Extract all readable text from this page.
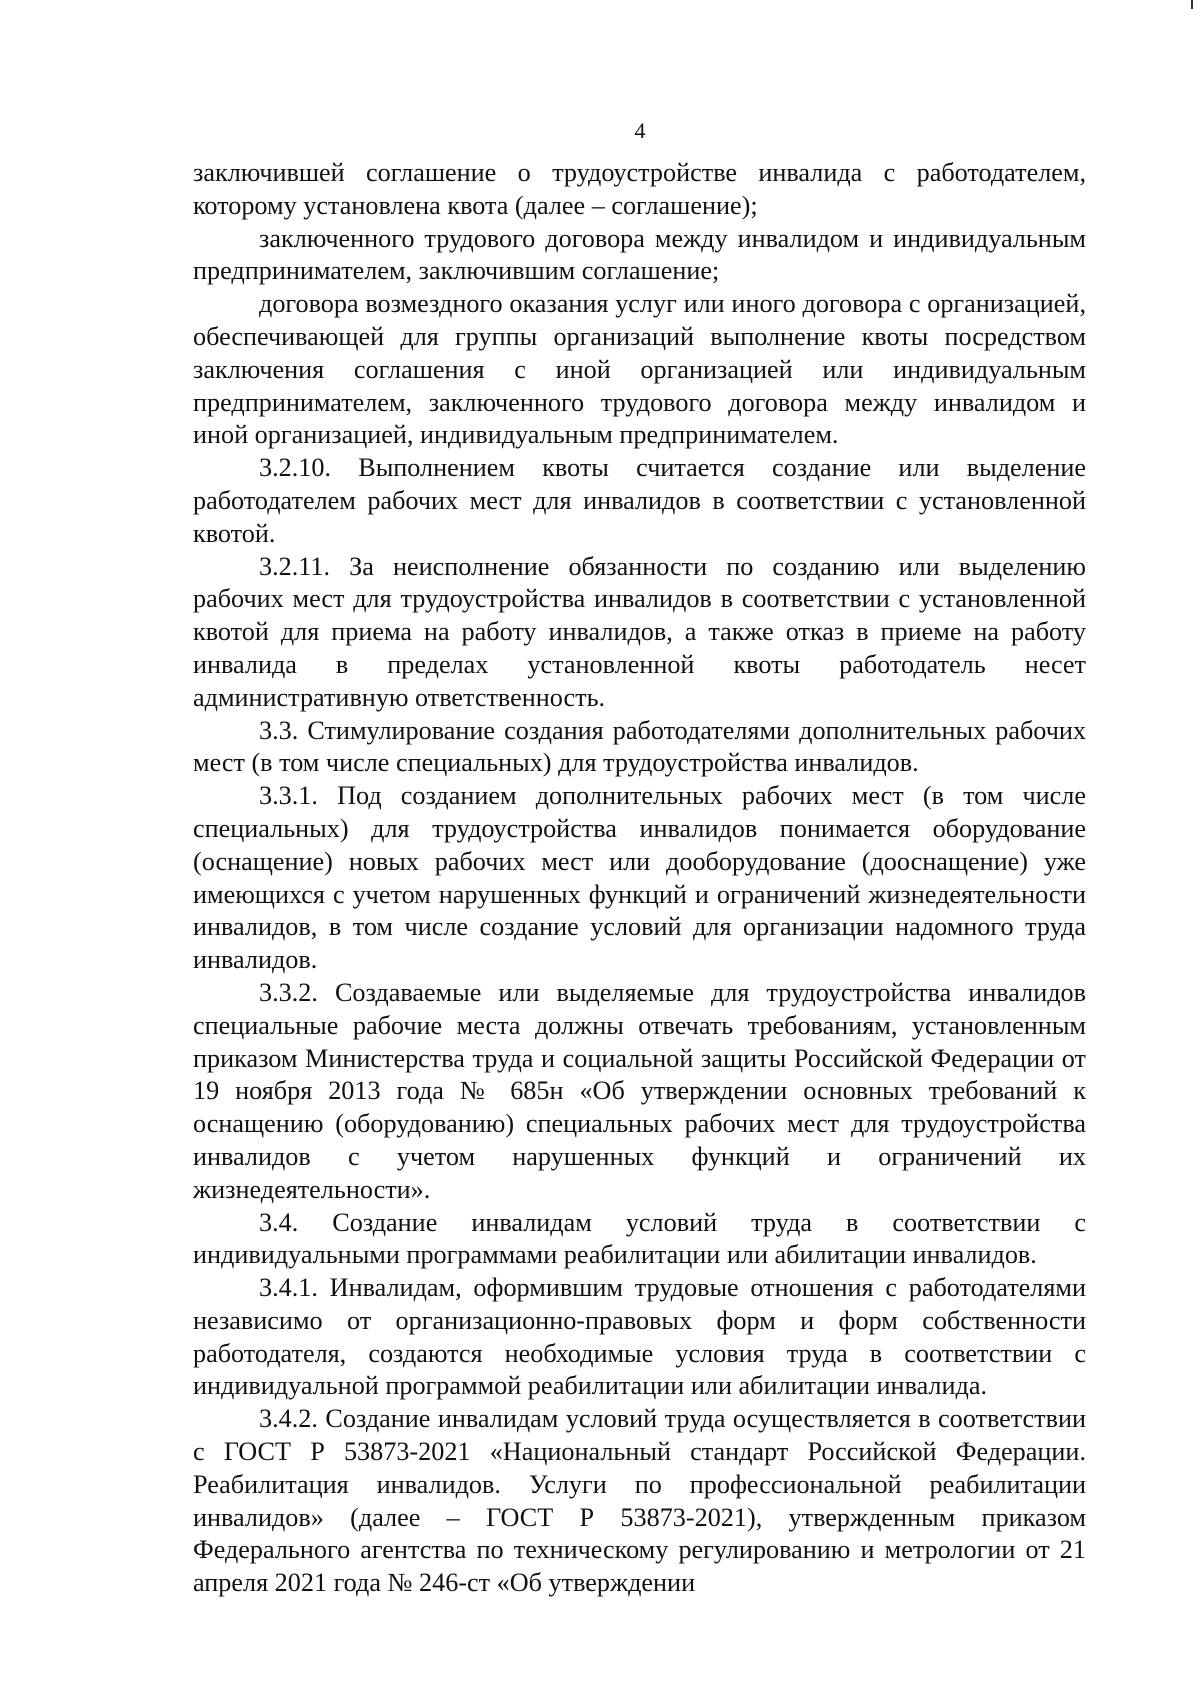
4

заключившей соглашение о трудоустройстве инвалида с работодателем, которому установлена квота (далее – соглашение);

заключенного трудового договора между инвалидом и индивидуальным предпринимателем, заключившим соглашение;

договора возмездного оказания услуг или иного договора с организацией, обеспечивающей для группы организаций выполнение квоты посредством заключения соглашения с иной организацией или индивидуальным предпринимателем, заключенного трудового договора между инвалидом и иной организацией, индивидуальным предпринимателем.

3.2.10. Выполнением квоты считается создание или выделение работодателем рабочих мест для инвалидов в соответствии с установленной квотой.

3.2.11. За неисполнение обязанности по созданию или выделению рабочих мест для трудоустройства инвалидов в соответствии с установленной квотой для приема на работу инвалидов, а также отказ в приеме на работу инвалида в пределах установленной квоты работодатель несет административную ответственность.

3.3. Стимулирование создания работодателями дополнительных рабочих мест (в том числе специальных) для трудоустройства инвалидов.

3.3.1. Под созданием дополнительных рабочих мест (в том числе специальных) для трудоустройства инвалидов понимается оборудование (оснащение) новых рабочих мест или дооборудование (дооснащение) уже имеющихся с учетом нарушенных функций и ограничений жизнедеятельности инвалидов, в том числе создание условий для организации надомного труда инвалидов.

3.3.2. Создаваемые или выделяемые для трудоустройства инвалидов специальные рабочие места должны отвечать требованиям, установленным приказом Министерства труда и социальной защиты Российской Федерации от 19 ноября 2013 года № 685н «Об утверждении основных требований к оснащению (оборудованию) специальных рабочих мест для трудоустройства инвалидов с учетом нарушенных функций и ограничений их жизнедеятельности».

3.4. Создание инвалидам условий труда в соответствии с индивидуальными программами реабилитации или абилитации инвалидов.

3.4.1. Инвалидам, оформившим трудовые отношения с работодателями независимо от организационно-правовых форм и форм собственности работодателя, создаются необходимые условия труда в соответствии с индивидуальной программой реабилитации или абилитации инвалида.

3.4.2. Создание инвалидам условий труда осуществляется в соответствии с ГОСТ Р 53873-2021 «Национальный стандарт Российской Федерации. Реабилитация инвалидов. Услуги по профессиональной реабилитации инвалидов» (далее – ГОСТ Р 53873-2021), утвержденным приказом Федерального агентства по техническому регулированию и метрологии от 21 апреля 2021 года № 246-ст «Об утверждении
